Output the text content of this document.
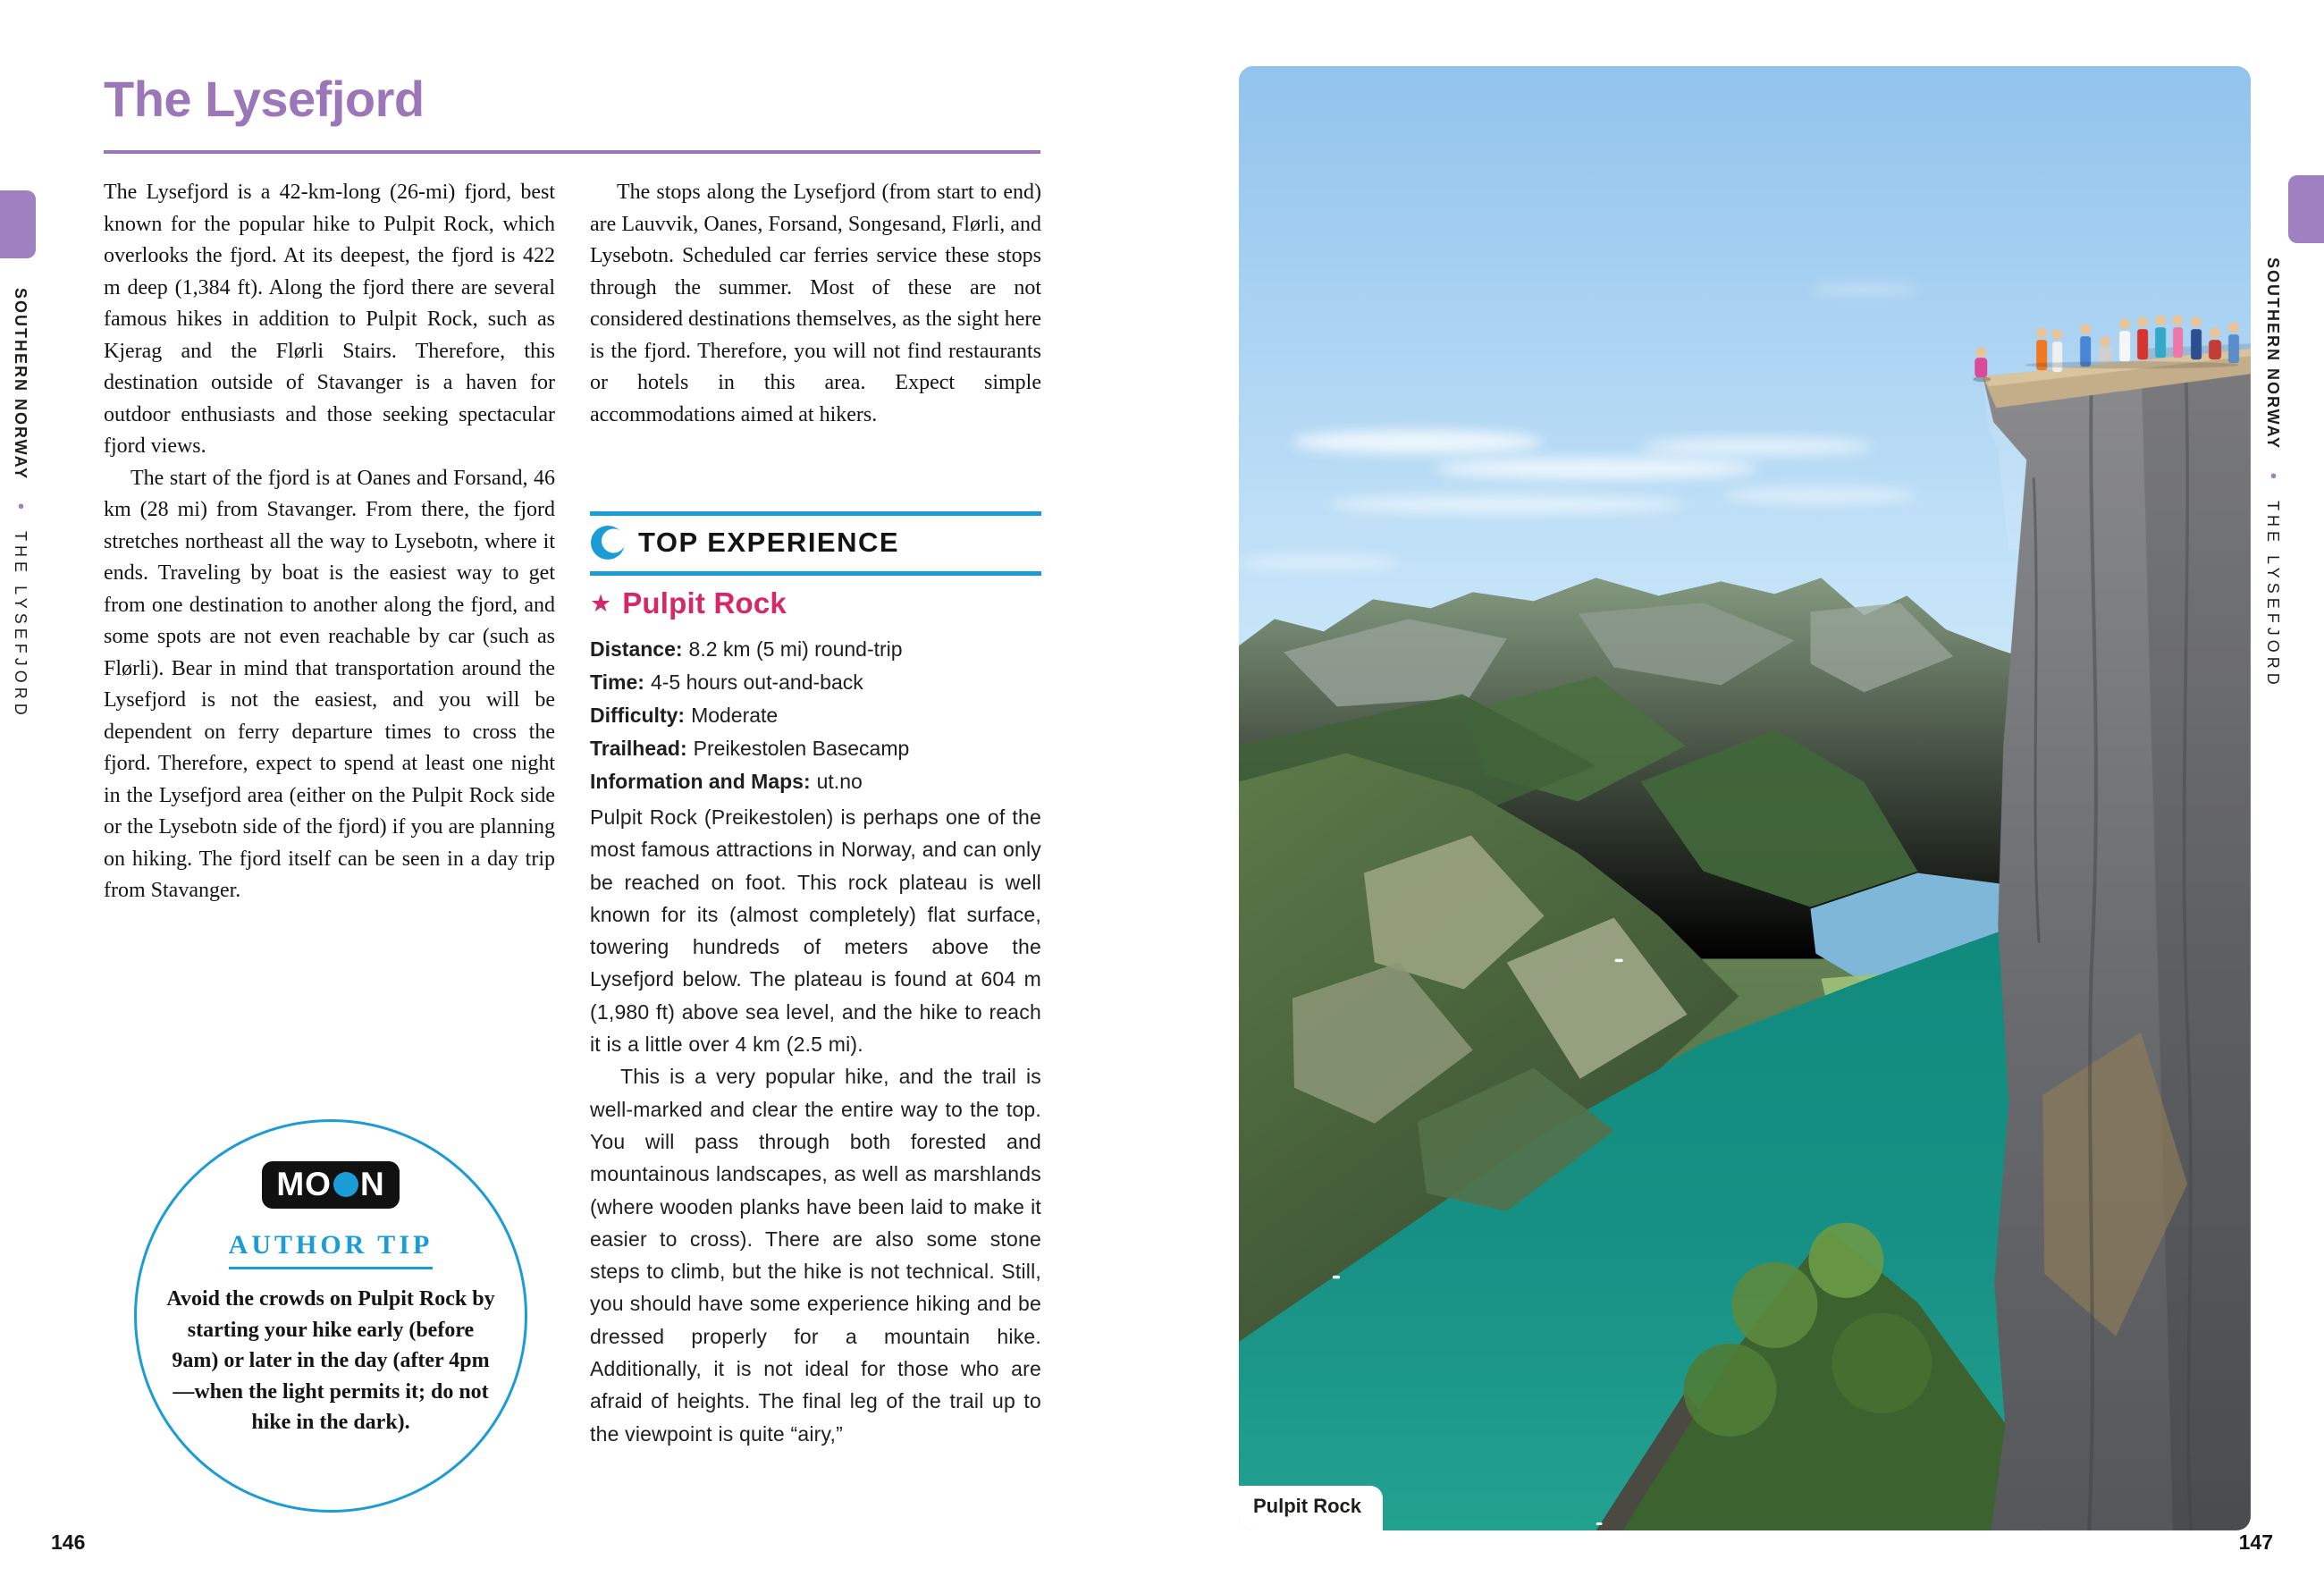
SOUTHERN NORWAY ● THE LYSEFJORD
The Lysefjord

The Lysefjord is a 42-km-long (26-mi) fjord, best known for the popular hike to Pulpit Rock, which overlooks the fjord. At its deepest, the fjord is 422 m deep (1,384 ft). Along the fjord there are several famous hikes in addition to Pulpit Rock, such as Kjerag and the Flørli Stairs. Therefore, this destination outside of Stavanger is a haven for outdoor enthusiasts and those seeking spectacular fjord views.

The start of the fjord is at Oanes and Forsand, 46 km (28 mi) from Stavanger. From there, the fjord stretches northeast all the way to Lysebotn, where it ends. Traveling by boat is the easiest way to get from one destination to another along the fjord, and some spots are not even reachable by car (such as Flørli). Bear in mind that transportation around the Lysefjord is not the easiest, and you will be dependent on ferry departure times to cross the fjord. Therefore, expect to spend at least one night in the Lysefjord area (either on the Pulpit Rock side or the Lysebotn side of the fjord) if you are planning on hiking. The fjord itself can be seen in a day trip from Stavanger.

The stops along the Lysefjord (from start to end) are Lauvvik, Oanes, Forsand, Songesand, Flørli, and Lysebotn. Scheduled car ferries service these stops through the summer. Most of these are not considered destinations themselves, as the sight here is the fjord. Therefore, you will not find restaurants or hotels in this area. Expect simple accommodations aimed at hikers.

TOP EXPERIENCE
★ Pulpit Rock
Distance: 8.2 km (5 mi) round-trip
Time: 4-5 hours out-and-back
Difficulty: Moderate
Trailhead: Preikestolen Basecamp
Information and Maps: ut.no

Pulpit Rock (Preikestolen) is perhaps one of the most famous attractions in Norway, and can only be reached on foot. This rock plateau is well known for its (almost completely) flat surface, towering hundreds of meters above the Lysefjord below. The plateau is found at 604 m (1,980 ft) above sea level, and the hike to reach it is a little over 4 km (2.5 mi).

This is a very popular hike, and the trail is well-marked and clear the entire way to the top. You will pass through both forested and mountainous landscapes, as well as marshlands (where wooden planks have been laid to make it easier to cross). There are also some stone steps to climb, but the hike is not technical. Still, you should have some experience hiking and be dressed properly for a mountain hike. Additionally, it is not ideal for those who are afraid of heights. The final leg of the trail up to the viewpoint is quite “airy,”

MO N
AUTHOR TIP
Avoid the crowds on Pulpit Rock by starting your hike early (before 9am) or later in the day (after 4pm—when the light permits it; do not hike in the dark).
146
Pulpit Rock
SOUTHERN NORWAY ● THE LYSEFJORD
147
